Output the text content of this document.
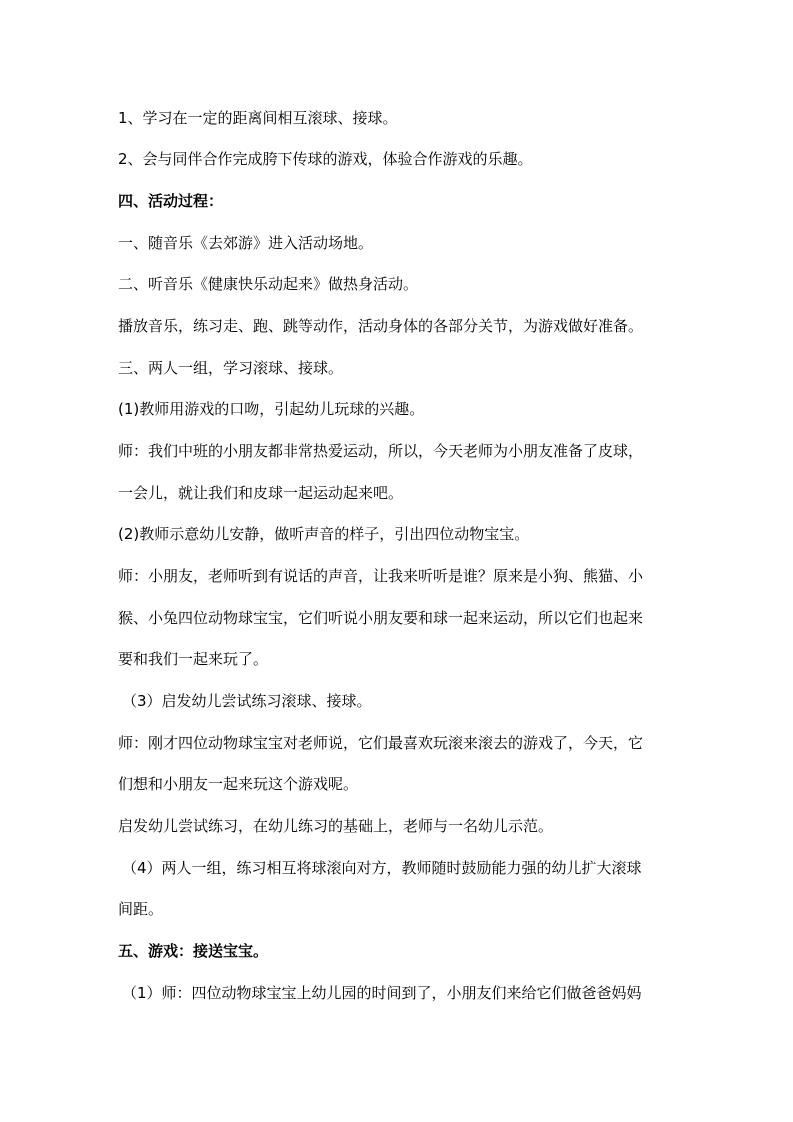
1、学习在一定的距离间相互滚球、接球。
2、会与同伴合作完成胯下传球的游戏，体验合作游戏的乐趣。
四、活动过程：
一、随音乐《去郊游》进入活动场地。
二、听音乐《健康快乐动起来》做热身活动。
播放音乐，练习走、跑、跳等动作，活动身体的各部分关节，为游戏做好准备。
三、两人一组，学习滚球、接球。
(1)教师用游戏的口吻，引起幼儿玩球的兴趣。
师：我们中班的小朋友都非常热爱运动，所以，今天老师为小朋友准备了皮球，
一会儿，就让我们和皮球一起运动起来吧。
(2)教师示意幼儿安静，做听声音的样子，引出四位动物宝宝。
师：小朋友，老师听到有说话的声音，让我来听听是谁？原来是小狗、熊猫、小
猴、小兔四位动物球宝宝，它们听说小朋友要和球一起来运动，所以它们也起来
要和我们一起来玩了。
（3）启发幼儿尝试练习滚球、接球。
师：刚才四位动物球宝宝对老师说，它们最喜欢玩滚来滚去的游戏了，今天，它
们想和小朋友一起来玩这个游戏呢。
启发幼儿尝试练习，在幼儿练习的基础上，老师与一名幼儿示范。
（4）两人一组，练习相互将球滚向对方，教师随时鼓励能力强的幼儿扩大滚球
间距。
五、游戏：接送宝宝。
（1）师：四位动物球宝宝上幼儿园的时间到了，小朋友们来给它们做爸爸妈妈
